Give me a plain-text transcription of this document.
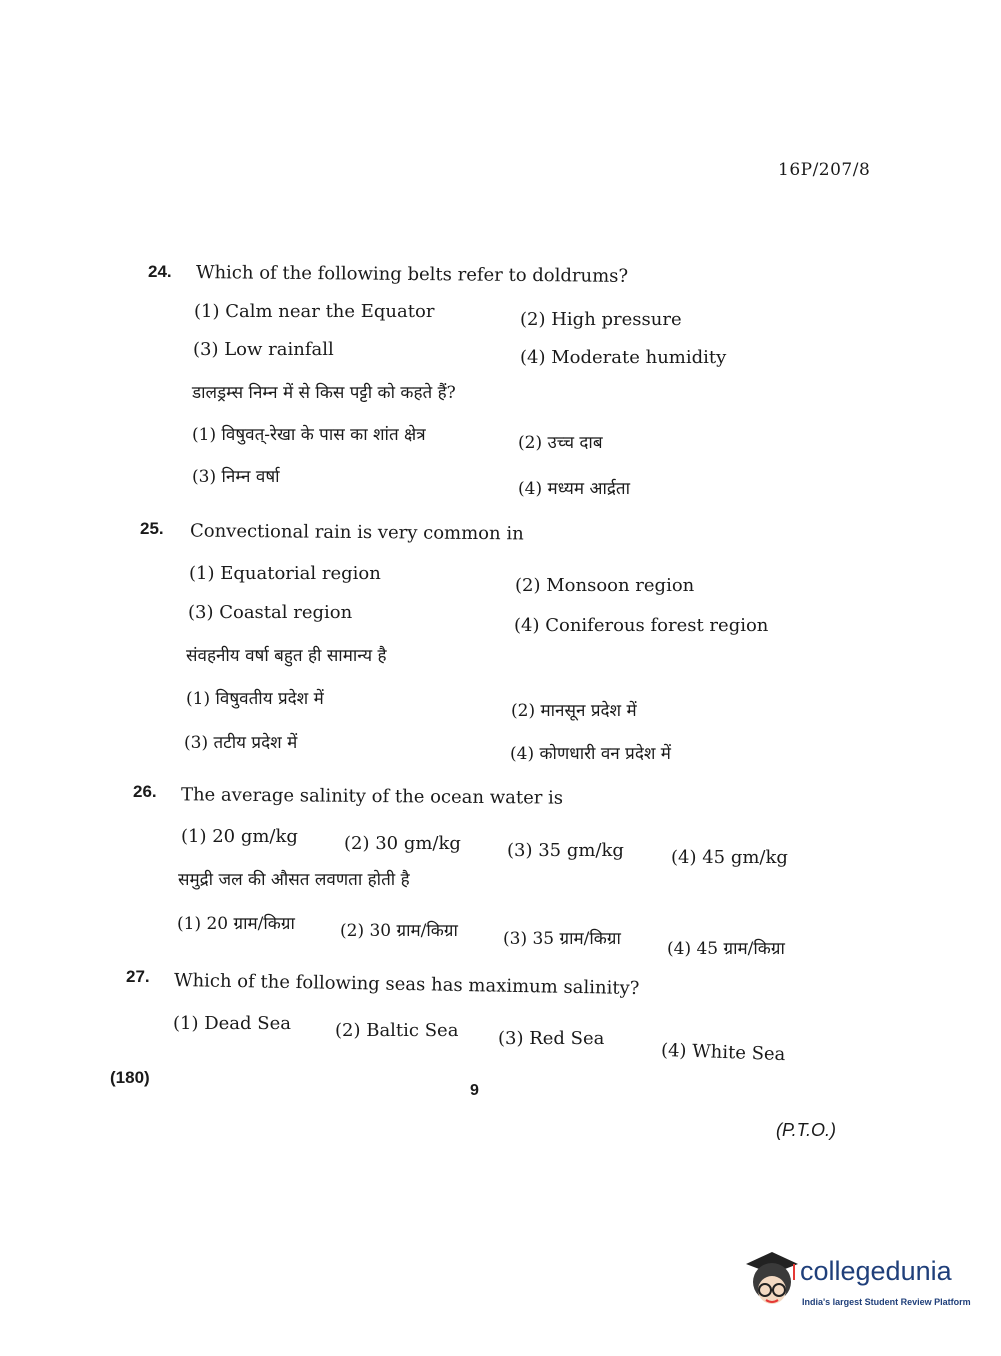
16P/207/8
24. Which of the following belts refer to doldrums?
(1) Calm near the Equator	(2) High pressure
(3) Low rainfall	(4) Moderate humidity
डालड्रम्स निम्न में से किस पट्टी को कहते हैं?
(1) विषुवत्-रेखा के पास का शांत क्षेत्र	(2) उच्च दाब
(3) निम्न वर्षा
(4) मध्यम आर्द्रता
25. Convectional rain is very common in
(1) Equatorial region
(2) Monsoon region
(3) Coastal region
(4) Coniferous forest region
संवहनीय वर्षा बहुत ही सामान्य है
(1) विषुवतीय प्रदेश में
(2) मानसून प्रदेश में
(3) तटीय प्रदेश में
(4) कोणधारी वन प्रदेश में
26. The average salinity of the ocean water is
(1) 20 gm/kg	(2) 30 gm/kg	(3) 35 gm/kg	(4) 45 gm/kg
समुद्री जल की औसत लवणता होती है
(1) 20 ग्राम/किग्रा	(2) 30 ग्राम/किग्रा	(3) 35 ग्राम/किग्रा	(4) 45 ग्राम/किग्रा
27. Which of the following seas has maximum salinity?
(1) Dead Sea (2) Baltic Sea (3) Red Sea
(4) White Sea
(180)
9
(P.T.O.)
collegedunia
India's largest Student Review Platform
